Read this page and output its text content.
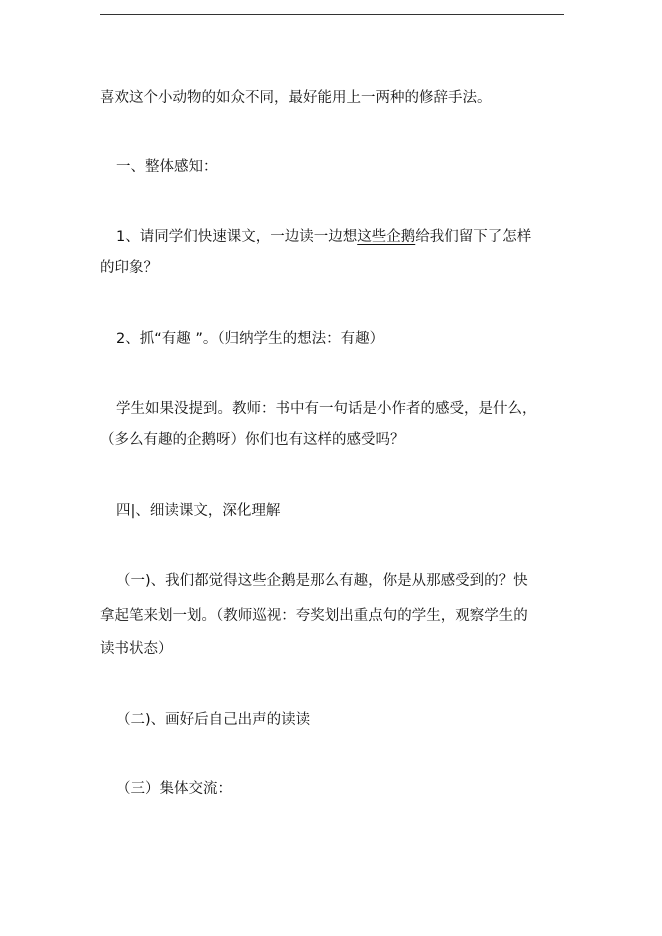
喜欢这个小动物的如众不同，最好能用上一两种的修辞手法。

一、整体感知：

1、请同学们快速课文，一边读一边想这些企鹅给我们留下了怎样

的印象？

2、抓“有趣 ”。（归纳学生的想法：有趣）

学生如果没提到。教师：书中有一句话是小作者的感受，是什么，

（多么有趣的企鹅呀）你们也有这样的感受吗？

四|、细读课文，深化理解

（一)、我们都觉得这些企鹅是那么有趣，你是从那感受到的？快

拿起笔来划一划。（教师巡视：夸奖划出重点句的学生，观察学生的

读书状态）

（二)、画好后自己出声的读读

（三）集体交流：
